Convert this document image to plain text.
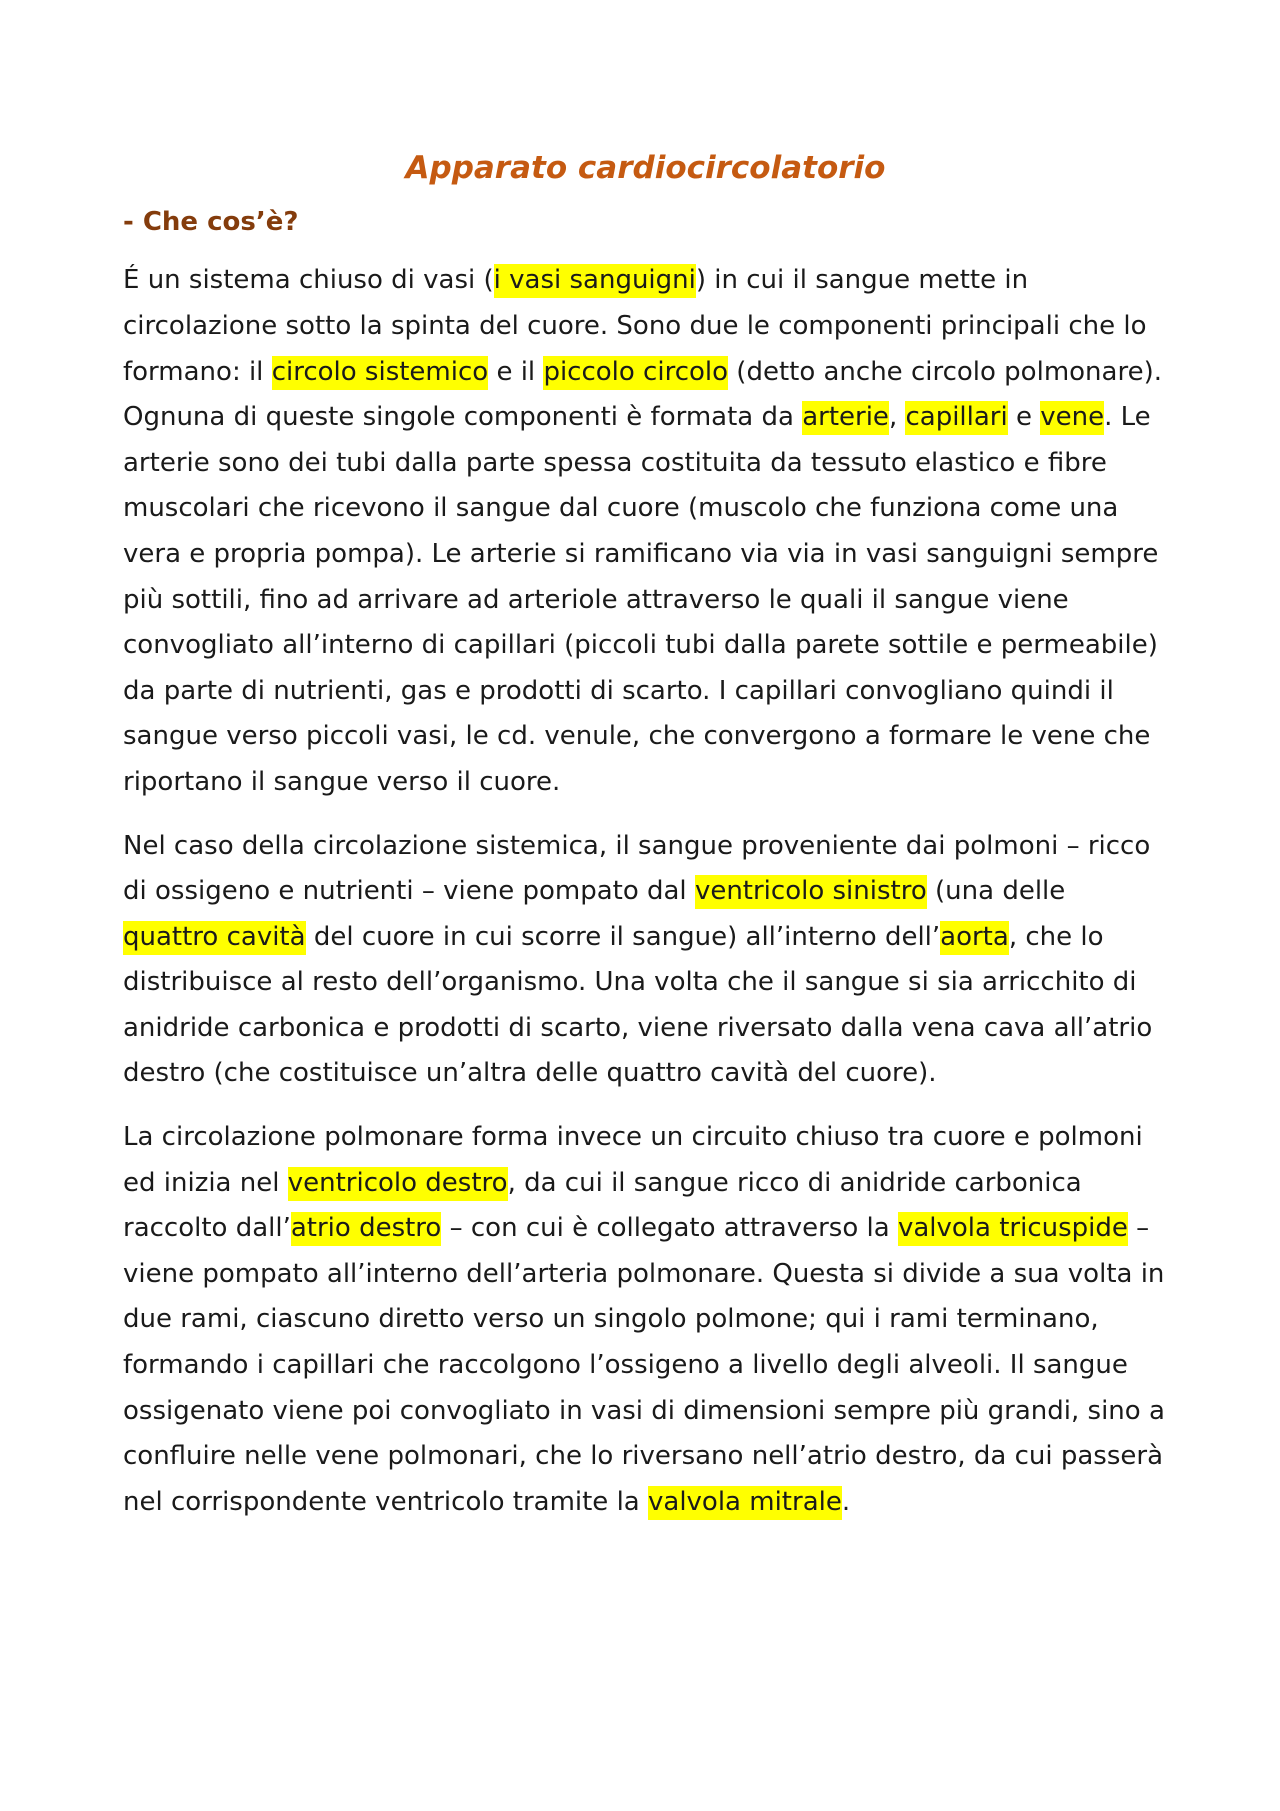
Apparato cardiocircolatorio
- Che cos’è?

É un sistema chiuso di vasi (i vasi sanguigni) in cui il sangue mette in circolazione sotto la spinta del cuore. Sono due le componenti principali che lo formano: il circolo sistemico e il piccolo circolo (detto anche circolo polmonare). Ognuna di queste singole componenti è formata da arterie, capillari e vene. Le arterie sono dei tubi dalla parte spessa costituita da tessuto elastico e fibre muscolari che ricevono il sangue dal cuore (muscolo che funziona come una vera e propria pompa). Le arterie si ramificano via via in vasi sanguigni sempre più sottili, fino ad arrivare ad arteriole attraverso le quali il sangue viene convogliato all’interno di capillari (piccoli tubi dalla parete sottile e permeabile) da parte di nutrienti, gas e prodotti di scarto. I capillari convogliano quindi il sangue verso piccoli vasi, le cd. venule, che convergono a formare le vene che riportano il sangue verso il cuore.

Nel caso della circolazione sistemica, il sangue proveniente dai polmoni – ricco di ossigeno e nutrienti – viene pompato dal ventricolo sinistro (una delle quattro cavità del cuore in cui scorre il sangue) all’interno dell’aorta, che lo distribuisce al resto dell’organismo. Una volta che il sangue si sia arricchito di anidride carbonica e prodotti di scarto, viene riversato dalla vena cava all’atrio destro (che costituisce un’altra delle quattro cavità del cuore).

La circolazione polmonare forma invece un circuito chiuso tra cuore e polmoni ed inizia nel ventricolo destro, da cui il sangue ricco di anidride carbonica raccolto dall’atrio destro – con cui è collegato attraverso la valvola tricuspide – viene pompato all’interno dell’arteria polmonare. Questa si divide a sua volta in due rami, ciascuno diretto verso un singolo polmone; qui i rami terminano, formando i capillari che raccolgono l’ossigeno a livello degli alveoli. Il sangue ossigenato viene poi convogliato in vasi di dimensioni sempre più grandi, sino a confluire nelle vene polmonari, che lo riversano nell’atrio destro, da cui passerà nel corrispondente ventricolo tramite la valvola mitrale.
